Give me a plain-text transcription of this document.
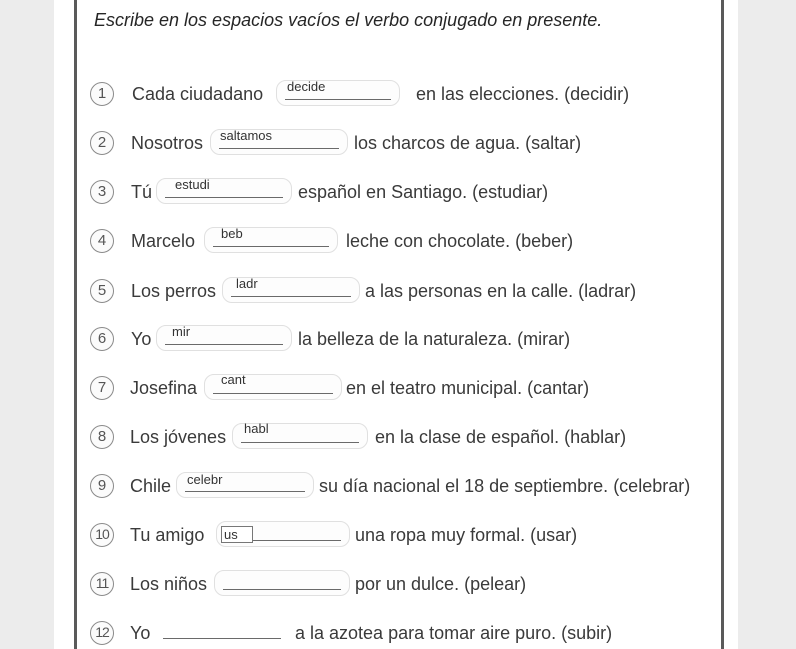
Escribe en los espacios vacíos el verbo conjugado en presente.
1	Cada ciudadano decide	en las elecciones. (decidir)
2	Nosotros saltamos	los charcos de agua. (saltar)
3	Tú estudi	español en Santiago. (estudiar)
4	Marcelo beb	leche con chocolate. (beber)
5	Los perros ladr	a las personas en la calle. (ladrar)
6	Yo mir	la belleza de la naturaleza. (mirar)
7	Josefina cant	en el teatro municipal. (cantar)
8	Los jóvenes habl	en la clase de español. (hablar)
9	Chile celebr	su día nacional el 18 de septiembre. (celebrar)
10 Tu amigo us	una ropa muy formal. (usar)
11	Los niños	por un dulce. (pelear)
12 Yo	a la azotea para tomar aire puro. (subir)
